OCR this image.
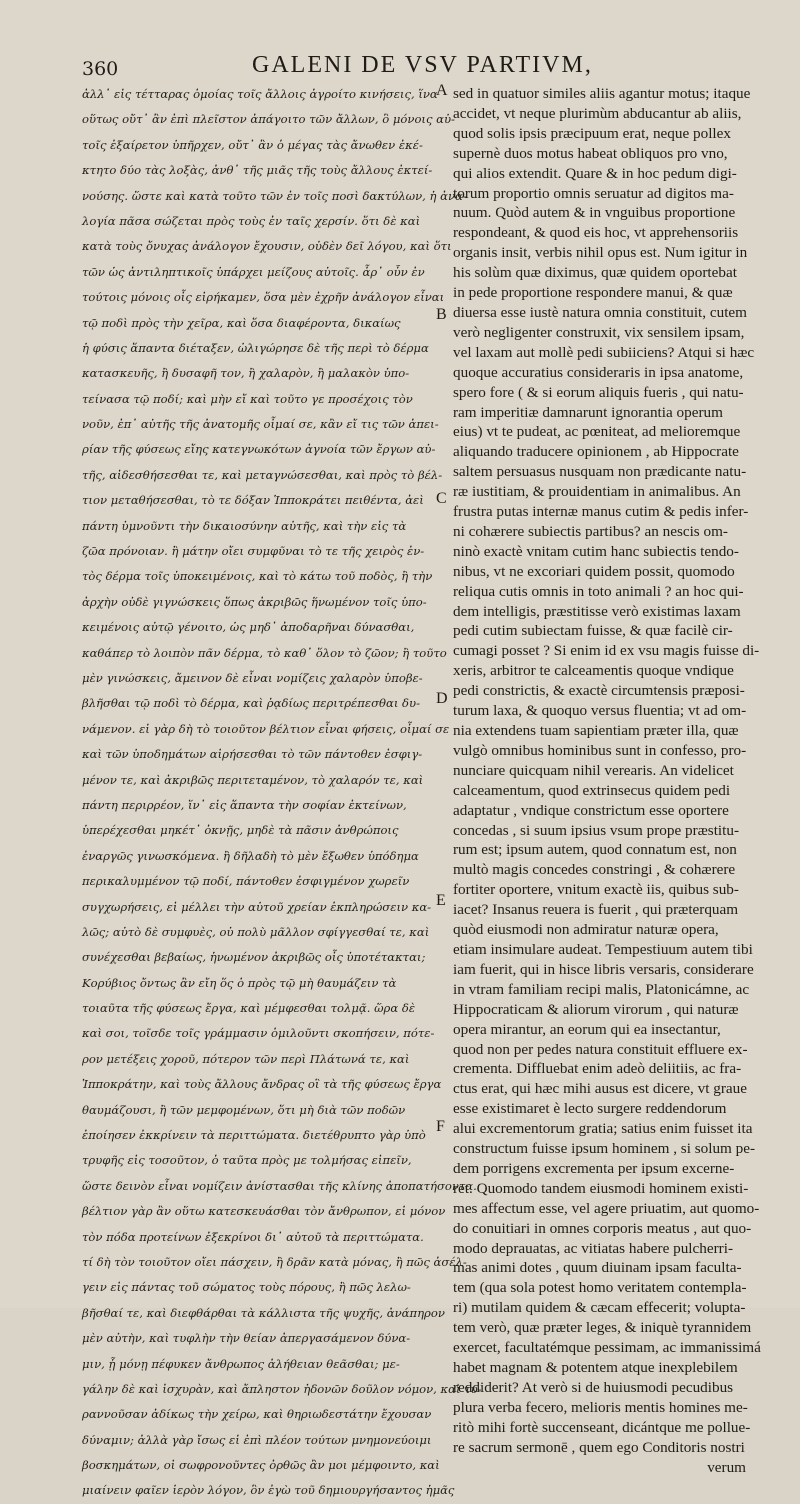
360	GALENI DE VSV PARTIVM,
ἀλλ᾽ εἰς τέτταρας ὁμοίας τοῖς ἄλλοις ἀγροίτο κινήσεις, ἵνα
οὕτως οὔτ᾽ ἂν ἐπὶ πλεῖστον ἀπάγοιτο τῶν ἄλλων, ὃ μόνοις αὐ-
τοῖς ἐξαίρετον ὑπῆρχεν, οὔτ᾽ ἂν ὁ μέγας τὰς ἄνωθεν ἐκέ-
κτητο δύο τὰς λοξὰς, ἀνθ᾽ τῆς μιᾶς τῆς τοὺς ἄλλους ἐκτεί-
νούσης. ὥστε καὶ κατὰ τοῦτο τῶν ἐν τοῖς ποσὶ δακτύλων, ἡ ἀνα-
λογία πᾶσα σώζεται πρὸς τοὺς ἐν ταῖς χερσίν. ὅτι δὲ καὶ
κατὰ τοὺς ὄνυχας ἀνάλογον ἔχουσιν, οὐδὲν δεῖ λόγου, καὶ ὅτι
τῶν ὡς ἀντιληπτικοῖς ὑπάρχει μείζους αὐτοῖς. ἆρ᾽ οὖν ἐν
τούτοις μόνοις οἷς εἰρήκαμεν, ὅσα μὲν ἐχρῆν ἀνάλογον εἶναι
τῷ ποδὶ πρὸς τὴν χεῖρα, καὶ ὅσα διαφέροντα, δικαίως
ἡ φύσις ἅπαντα διέταξεν, ὠλιγώρησε δὲ τῆς περὶ τὸ δέρμα
κατασκευῆς, ἢ δυσαφῆ τον, ἢ χαλαρὸν, ἢ μαλακὸν ὑπο-
τείνασα τῷ ποδί; καὶ μὴν εἴ καὶ τοῦτο γε προσέχοις τὸν
νοῦν, ἐπ᾽ αὐτῆς τῆς ἀνατομῆς οἶμαί σε, κἂν εἴ τις τῶν ἀπει-
ρίαν τῆς φύσεως εἴης κατεγνωκότων ἀγνοία τῶν ἔργων αὐ-
τῆς, αἰδεσθήσεσθαι τε, καὶ μεταγνώσεσθαι, καὶ πρὸς τὸ βέλ-
τιον μεταθήσεσθαι, τὸ τε δόξαν Ἱπποκράτει πειθέντα, ἀεὶ
πάντη ὑμνοῦντι τὴν δικαιοσύνην αὐτῆς, καὶ τὴν εἰς τὰ
ζῶα πρόνοιαν. ἢ μάτην οἴει συμφῦναι τὸ τε τῆς χειρὸς ἐν-
τὸς δέρμα τοῖς ὑποκειμένοις, καὶ τὸ κάτω τοῦ ποδὸς, ἢ τὴν
ἀρχὴν οὐδὲ γιγνώσκεις ὅπως ἀκριβῶς ἥνωμένον τοῖς ὑπο-
κειμένοις αὐτῷ γένοιτο, ὡς μηδ᾽ ἀποδαρῆναι δύνασθαι,
καθάπερ τὸ λοιπὸν πᾶν δέρμα, τὸ καθ᾽ ὅλον τὸ ζῶον; ἢ τοῦτο
μὲν γινώσκεις, ἄμεινον δὲ εἶναι νομίζεις χαλαρὸν ὑποβε-
βλῆσθαι τῷ ποδὶ τὸ δέρμα, καὶ ῥᾳδίως περιτρέπεσθαι δυ-
νάμενον. εἰ γὰρ δὴ τὸ τοιοῦτον βέλτιον εἶναι φήσεις, οἶμαί σε
καὶ τῶν ὑποδημάτων αἱρήσεσθαι τὸ τῶν πάντοθεν ἐσφιγ-
μένον τε, καὶ ἀκριβῶς περιτεταμένον, τὸ χαλαρόν τε, καὶ
πάντη περιρρέον, ἵν᾽ εἰς ἅπαντα τὴν σοφίαν ἐκτείνων,
ὑπερέχεσθαι μηκέτ᾽ ὀκνῇς, μηδὲ τὰ πᾶσιν ἀνθρώποις
ἐναργῶς γινωσκόμενα. ἢ δῆλαδὴ τὸ μὲν ἔξωθεν ὑπόδημα
περικαλυμμένον τῷ ποδί, πάντοθεν ἐσφιγμένον χωρεῖν
συγχωρήσεις, εἰ μέλλει τὴν αὐτοῦ χρείαν ἐκπληρώσειν κα-
λῶς; αὐτὸ δὲ συμφυὲς, οὐ πολὺ μᾶλλον σφίγγεσθαί τε, καὶ
συνέχεσθαι βεβαίως, ἡνωμένον ἀκριβῶς οἷς ὑποτέτακται;
Κορύβιος ὄντως ἂν εἴη ὅς ὁ πρὸς τῷ μὴ θαυμάζειν τὰ
τοιαῦτα τῆς φύσεως ἔργα, καὶ μέμφεσθαι τολμᾷ. ὥρα δὲ
καὶ σοι, τοῖσδε τοῖς γράμμασιν ὁμιλοῦντι σκοπήσειν, πότε-
ρον μετέξεις χοροῦ, πότερον τῶν περὶ Πλάτωνά τε, καὶ
Ἱπποκράτην, καὶ τοὺς ἄλλους ἄνδρας οἳ τὰ τῆς φύσεως ἔργα
θαυμάζουσι, ἢ τῶν μεμφομένων, ὅτι μὴ διὰ τῶν ποδῶν
ἐποίησεν ἐκκρίνειν τὰ περιττώματα. διετέθρυπτο γὰρ ὑπὸ
τρυφῆς εἰς τοσοῦτον, ὁ ταῦτα πρὸς με τολμήσας εἰπεῖν,
ὥστε δεινὸν εἶναι νομίζειν ἀνίστασθαι τῆς κλίνης ἀποπατήσοντα.
βέλτιον γὰρ ἂν οὕτω κατεσκευάσθαι τὸν ἄνθρωπον, εἰ μόνον
τὸν πόδα προτείνων ἐξεκρίνοι δι᾽ αὐτοῦ τὰ περιττώματα.
τί δὴ τὸν τοιοῦτον οἴει πάσχειν, ἢ δρᾶν κατὰ μόνας, ἢ πῶς ἀσέλ-
γειν εἰς πάντας τοῦ σώματος τοὺς πόρους, ἢ πῶς λελω-
βῆσθαί τε, καὶ διεφθάρθαι τὰ κάλλιστα τῆς ψυχῆς, ἀνάπηρον
μὲν αὐτὴν, καὶ τυφλὴν τὴν θείαν ἀπεργασάμενον δύνα-
μιν, ᾗ μόνῃ πέφυκεν ἄνθρωπος ἀλήθειαν θεᾶσθαι; με-
γάλην δὲ καὶ ἰσχυρὰν, καὶ ἄπληστον ἡδονῶν δοῦλον νόμον, καὶ τυ-
ραννοῦσαν ἀδίκως τὴν χείρω, καὶ θηριωδεστάτην ἔχουσαν
δύναμιν; ἀλλὰ γὰρ ἴσως εἰ ἐπὶ πλέον τούτων μνημονεύοιμι
βοσκημάτων, οἱ σωφρονοῦντες ὀρθῶς ἂν μοι μέμφοιντο, καὶ
μιαίνειν φαῖεν ἱερὸν λόγον, ὃν ἐγὼ τοῦ δημιουργήσαντος ἡμᾶς
sed in quatuor similes aliis agantur motus; itaque
accidet, vt neque plurimùm abducantur ab aliis,
quod solis ipsis præcipuum erat, neque pollex
supernè duos motus habeat obliquos pro vno,
qui alios extendit. Quare & in hoc pedum digi-
torum proportio omnis seruatur ad digitos ma-
nuum. Quòd autem & in vnguibus proportione
respondeant, & quod eis hoc, vt apprehensoriis
organis insit, verbis nihil opus est. Num igitur in
his solùm quæ diximus, quæ quidem oportebat
in pede proportione respondere manui, & quæ
diuersa esse iustè natura omnia constituit, cutem
verò negligenter construxit, vix sensilem ipsam,
vel laxam aut mollè pedi subiiciens? Atqui si hæc
quoque accuratius consideraris in ipsa anatome,
spero fore ( & si eorum aliquis fueris , qui natu-
ram imperitiæ damnarunt ignorantia operum
eius) vt te pudeat, ac pœniteat, ad melioremque
aliquando traducere opinionem , ab Hippocrate
saltem persuasus nusquam non prædicante natu-
ræ iustitiam, & prouidentiam in animalibus. An
frustra putas internæ manus cutim & pedis infer-
ni cohærere subiectis partibus? an nescis om-
ninò exactè vnitam cutim hanc subiectis tendo-
nibus, vt ne excoriari quidem possit, quomodo
reliqua cutis omnis in toto animali ? an hoc qui-
dem intelligis, præstitisse verò existimas laxam
pedi cutim subiectam fuisse, & quæ facilè cir-
cumagi posset ? Si enim id ex vsu magis fuisse di-
xeris, arbitror te calceamentis quoque vndique
pedi constrictis, & exactè circumtensis præposi-
turum laxa, & quoquo versus fluentia; vt ad om-
nia extendens tuam sapientiam præter illa, quæ
vulgò omnibus hominibus sunt in confesso, pro-
nunciare quicquam nihil verearis. An videlicet
calceamentum, quod extrinsecus quidem pedi
adaptatur , vndique constrictum esse oportere
concedas , si suum ipsius vsum prope præstitu-
rum est; ipsum autem, quod connatum est, non
multò magis concedes constringi , & cohærere
fortiter oportere, vnitum exactè iis, quibus sub-
iacet? Insanus reuera is fuerit , qui præterquam
quòd eiusmodi non admiratur naturæ opera,
etiam insimulare audeat. Tempestiuum autem tibi
iam fuerit, qui in hisce libris versaris, considerare
in vtram familiam recipi malis, Platonicámne, ac
Hippocraticam & aliorum virorum , qui naturæ
opera mirantur, an eorum qui ea insectantur,
quod non per pedes natura constituit effluere ex-
crementa. Diffluebat enim adeò deliitiis, ac fra-
ctus erat, qui hæc mihi ausus est dicere, vt graue
esse existimaret è lecto surgere reddendorum
alui excrementorum gratia; satius enim fuisset ita
constructum fuisse ipsum hominem , si solum pe-
dem porrigens excrementa per ipsum excerne-
ret. Quomodo tandem eiusmodi hominem existi-
mes affectum esse, vel agere priuatim, aut quomo-
do conuitiari in omnes corporis meatus , aut quo-
modo deprauatas, ac vitiatas habere pulcherri-
mas animi dotes , quum diuinam ipsam faculta-
tem (qua sola potest homo veritatem contempla-
ri) mutilam quidem & cæcam effecerit; volupta-
tem verò, quæ præter leges, & iniquè tyrannidem
exercet, facultatémque pessimam, ac immanissimá
habet magnam & potentem atque inexplebilem
reddiderit? At verò si de huiusmodi pecudibus
plura verba fecero, melioris mentis homines me-
ritò mihi fortè succenseant, dicántque me pollue-
re sacrum sermonē , quem ego Conditoris nostri
verum
A
B
C
D
E
F
